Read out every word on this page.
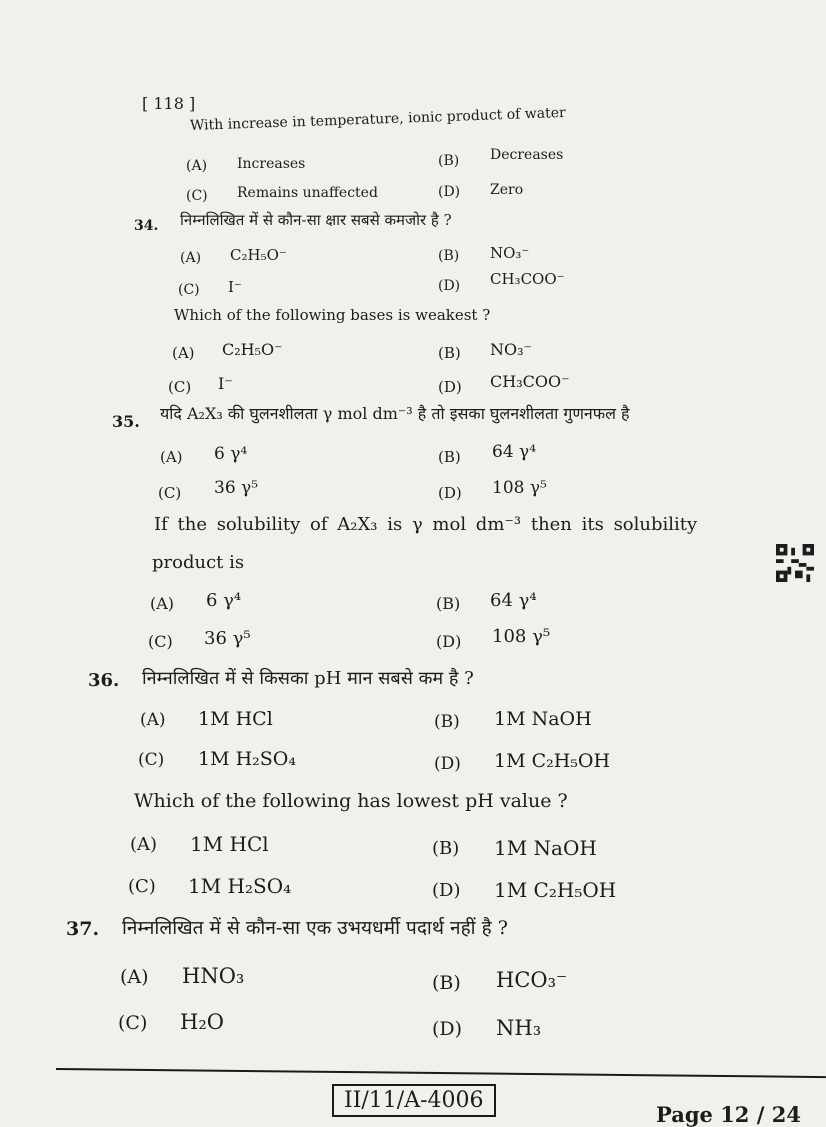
[ 118 ]
With increase in temperature, ionic product of water
(A) Increases	(B) Decreases
(C) Remains unaffected	(D) Zero
34. निम्नलिखित में से कौन-सा क्षार सबसे कमजोर है ?
(A) C₂H₅O⁻	(B) NO₃⁻
(C) I⁻	(D) CH₃COO⁻
Which of the following bases is weakest ?
(A) C₂H₅O⁻	(B) NO₃⁻
(C) I⁻	(D) CH₃COO⁻
35. यदि A₂X₃ की घुलनशीलता γ mol dm⁻³ है तो इसका घुलनशीलता गुणनफल है
(A) 6 γ⁴	(B) 64 γ⁴
(C) 36 γ⁵	(D) 108 γ⁵
If the solubility of A₂X₃ is γ mol dm⁻³ then its solubility
product is
(A) 6 γ⁴	(B) 64 γ⁴
(C) 36 γ⁵	(D) 108 γ⁵
36. निम्नलिखित में से किसका pH मान सबसे कम है ?
(A) 1M HCl	(B) 1M NaOH
(C) 1M H₂SO₄	(D) 1M C₂H₅OH
Which of the following has lowest pH value ?
(A) 1M HCl	(B) 1M NaOH
(C) 1M H₂SO₄	(D) 1M C₂H₅OH
37. निम्नलिखित में से कौन-सा एक उभयधर्मी पदार्थ नहीं है ?
(A) HNO₃	(B) HCO₃⁻
(C) H₂O	(D) NH₃
II/11/A-4006
Page 12 / 24
